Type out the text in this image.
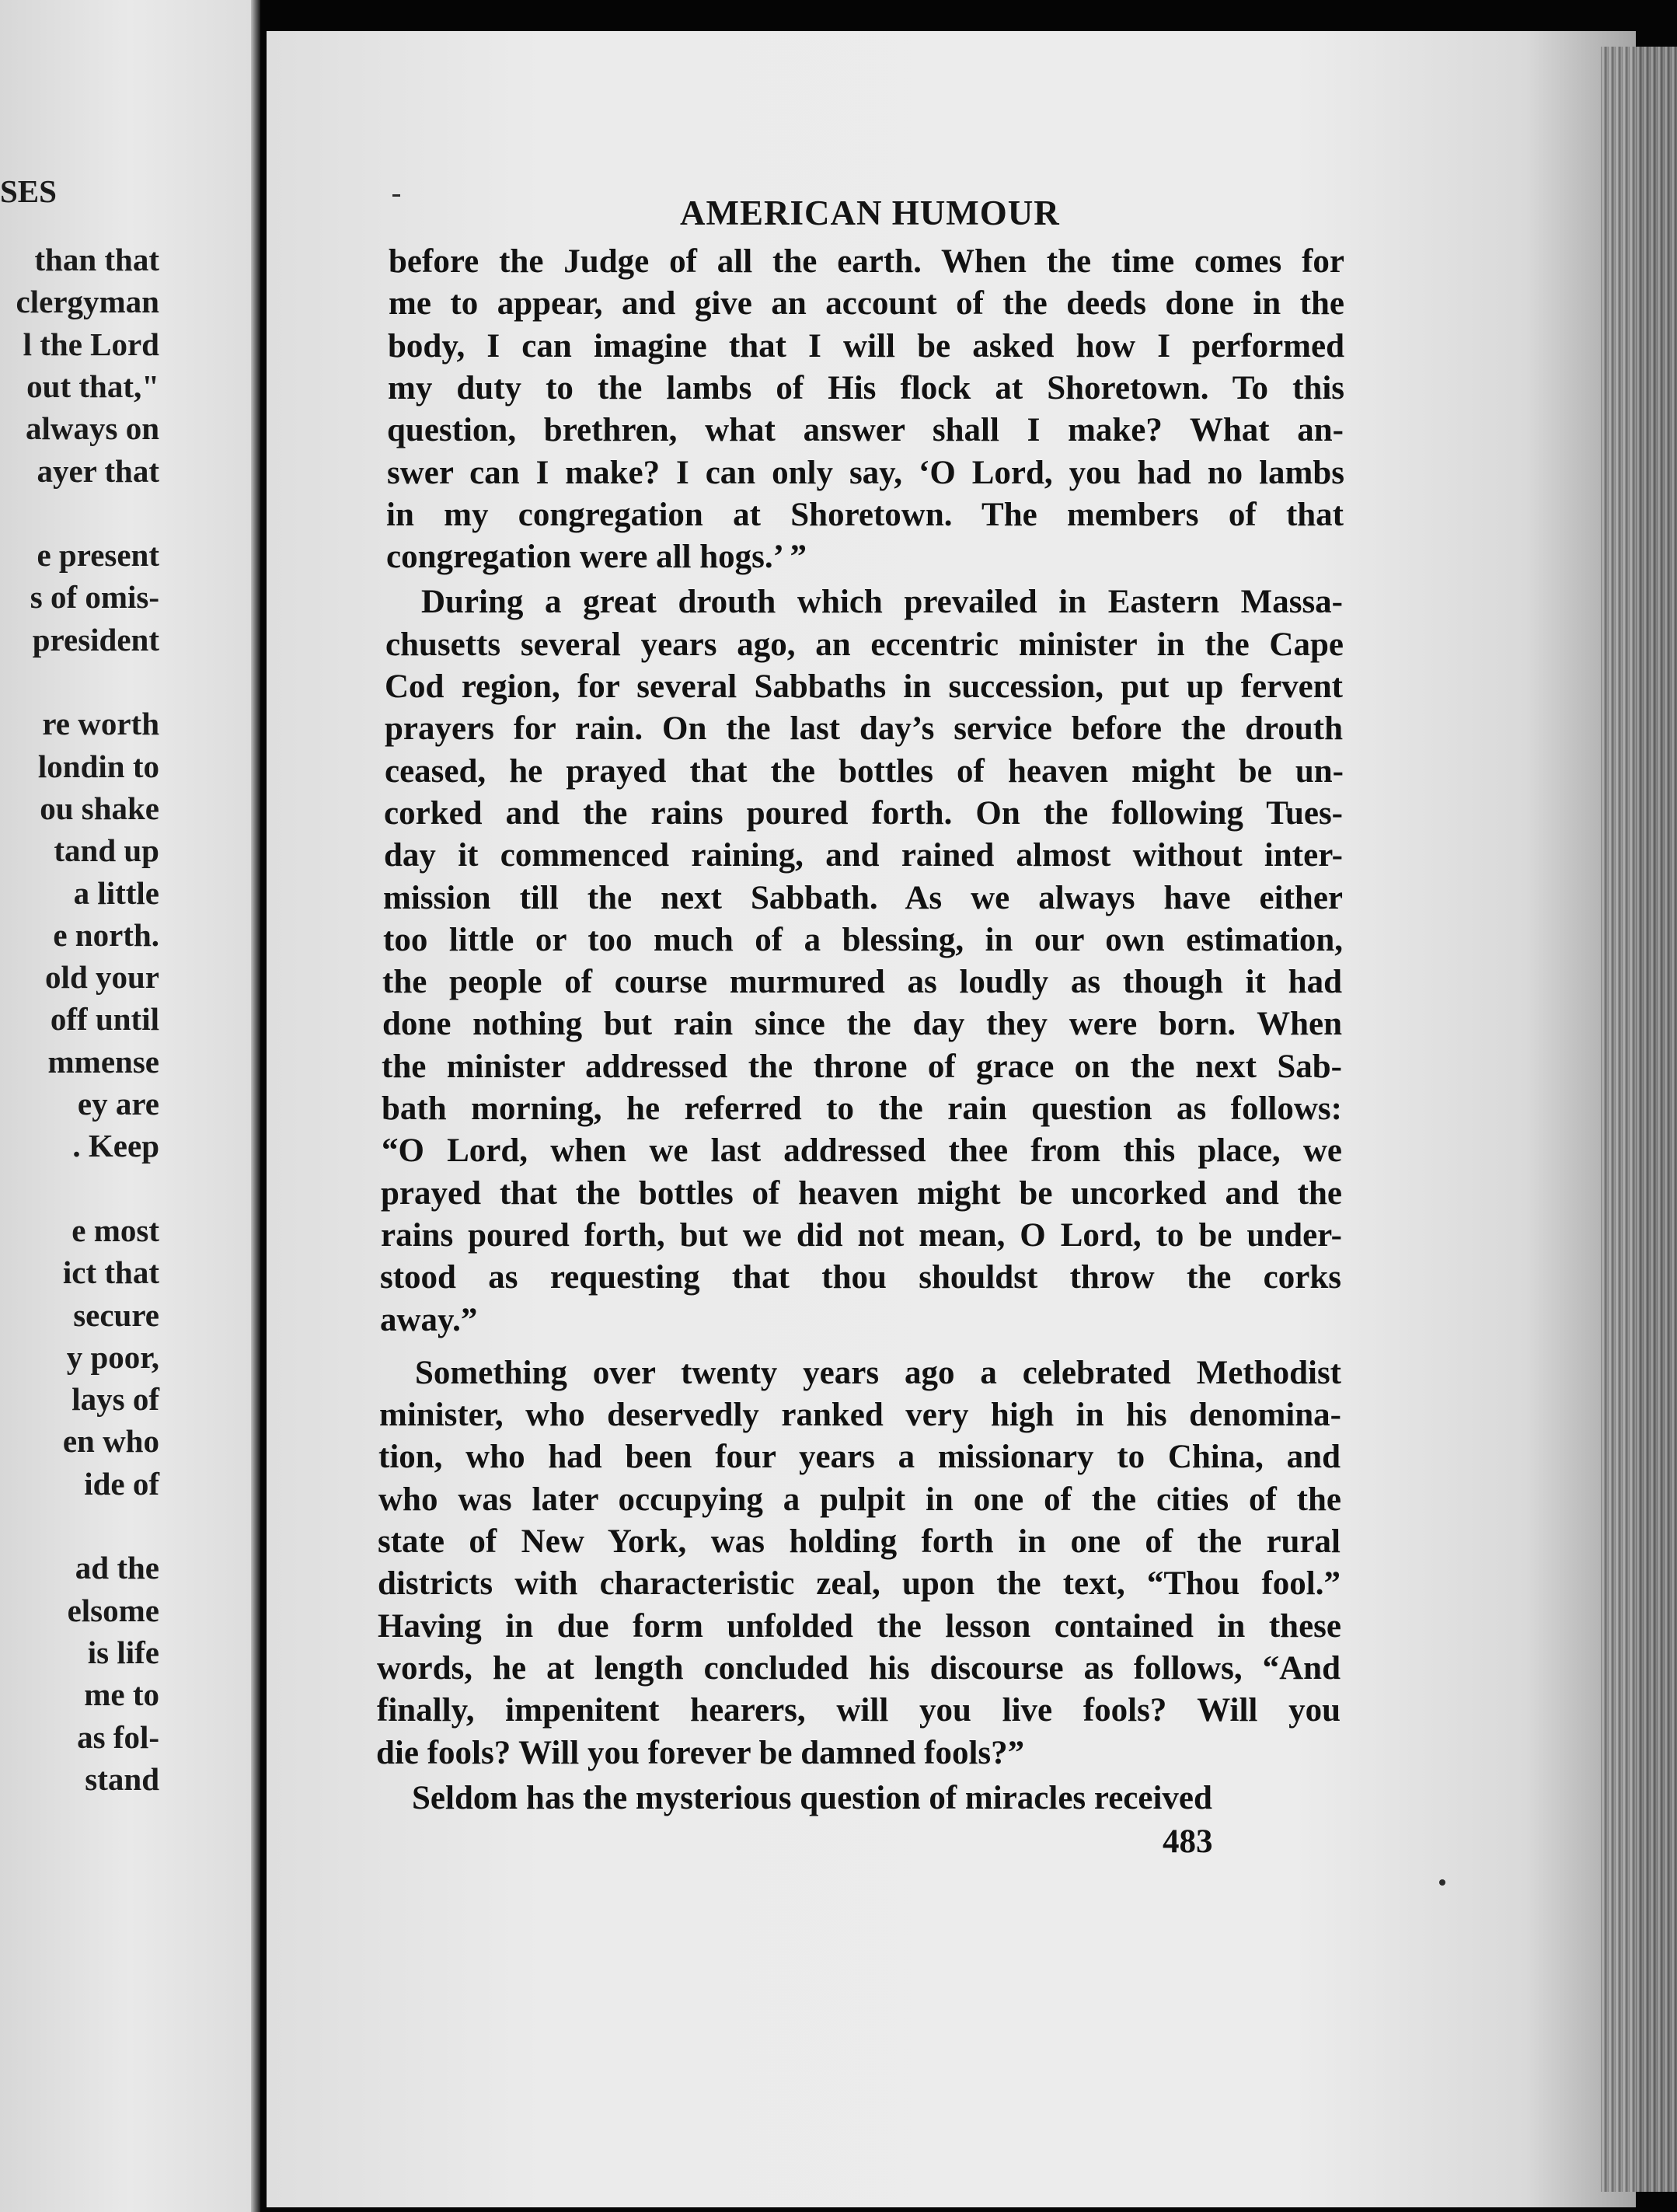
SES
than that
clergyman
l the Lord
out that,"
always on
ayer that
e present
s of omis-
president
re worth
londin to
ou shake
tand up
a little
e north.
old your
off until
mmense
ey are
. Keep
e most
ict that
secure
y poor,
lays of
en who
ide of
ad the
elsome
is life
me to
as fol-
stand
AMERICAN HUMOUR
before the Judge of all the earth. When the time comes for
me to appear, and give an account of the deeds done in the
body, I can imagine that I will be asked how I performed
my duty to the lambs of His flock at Shoretown. To this
question, brethren, what answer shall I make? What an-
swer can I make? I can only say, ‘O Lord, you had no lambs
in my congregation at Shoretown. The members of that
congregation were all hogs.’ ”
During a great drouth which prevailed in Eastern Massa-
chusetts several years ago, an eccentric minister in the Cape
Cod region, for several Sabbaths in succession, put up fervent
prayers for rain. On the last day’s service before the drouth
ceased, he prayed that the bottles of heaven might be un-
corked and the rains poured forth. On the following Tues-
day it commenced raining, and rained almost without inter-
mission till the next Sabbath. As we always have either
too little or too much of a blessing, in our own estimation,
the people of course murmured as loudly as though it had
done nothing but rain since the day they were born. When
the minister addressed the throne of grace on the next Sab-
bath morning, he referred to the rain question as follows:
“O Lord, when we last addressed thee from this place, we
prayed that the bottles of heaven might be uncorked and the
rains poured forth, but we did not mean, O Lord, to be under-
stood as requesting that thou shouldst throw the corks
away.”
Something over twenty years ago a celebrated Methodist
minister, who deservedly ranked very high in his denomina-
tion, who had been four years a missionary to China, and
who was later occupying a pulpit in one of the cities of the
state of New York, was holding forth in one of the rural
districts with characteristic zeal, upon the text, “Thou fool.”
Having in due form unfolded the lesson contained in these
words, he at length concluded his discourse as follows, “And
finally, impenitent hearers, will you live fools? Will you
die fools? Will you forever be damned fools?”
Seldom has the mysterious question of miracles received
483
